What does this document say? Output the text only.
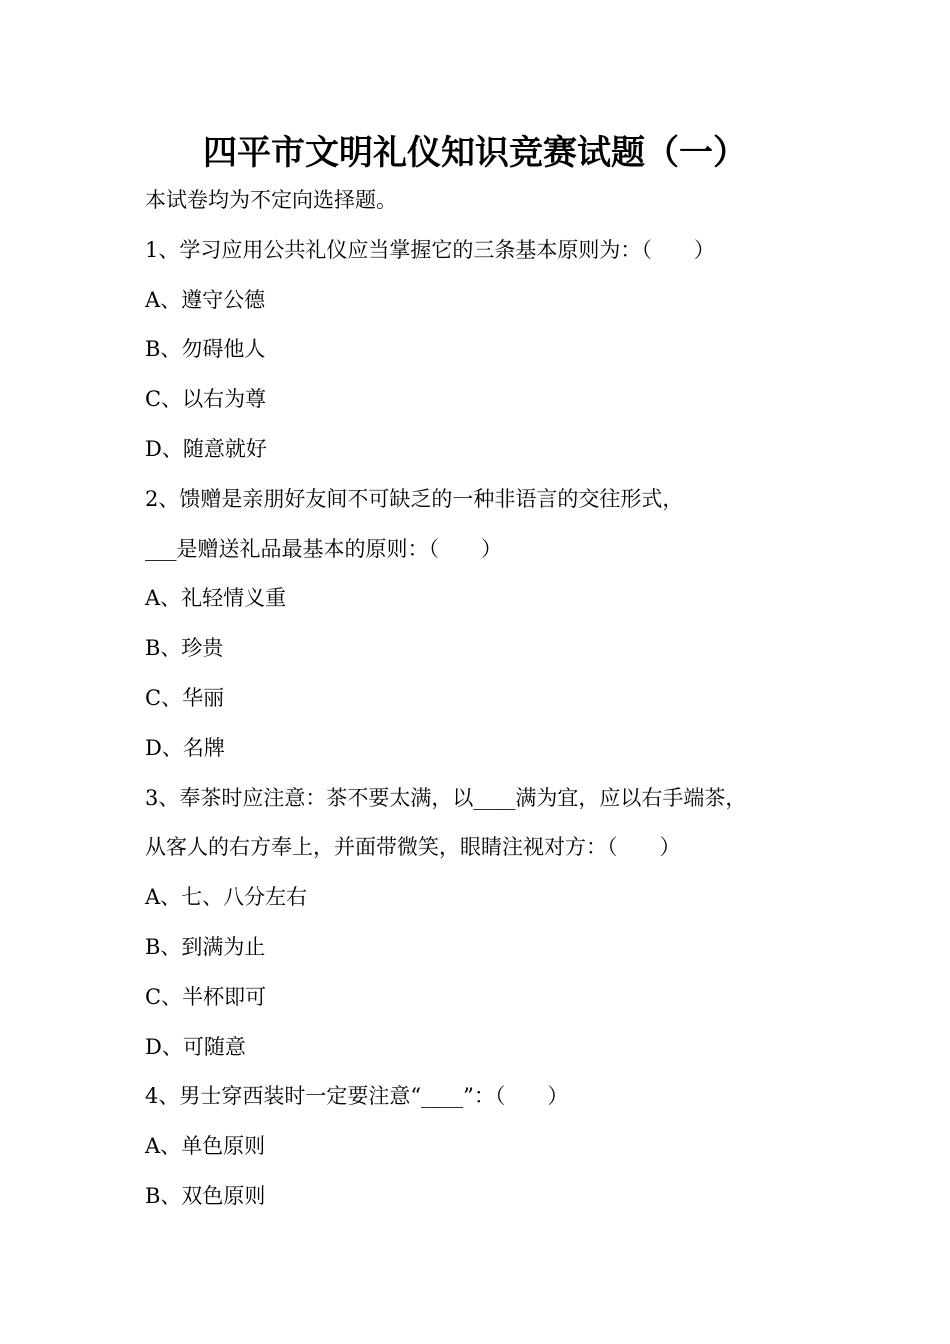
四平市文明礼仪知识竞赛试题（一）
本试卷均为不定向选择题。
1、学习应用公共礼仪应当掌握它的三条基本原则为：（　　）
A、遵守公德
B、勿碍他人
C、以右为尊
D、随意就好
2、馈赠是亲朋好友间不可缺乏的一种非语言的交往形式，
___是赠送礼品最基本的原则：（　　）
A、礼轻情义重
B、珍贵
C、华丽
D、名牌
3、奉茶时应注意：茶不要太满，以____满为宜，应以右手端茶，
从客人的右方奉上，并面带微笑，眼睛注视对方：（　　）
A、七、八分左右
B、到满为止
C、半杯即可
D、可随意
4、男士穿西装时一定要注意“____”：（　　）
A、单色原则
B、双色原则
